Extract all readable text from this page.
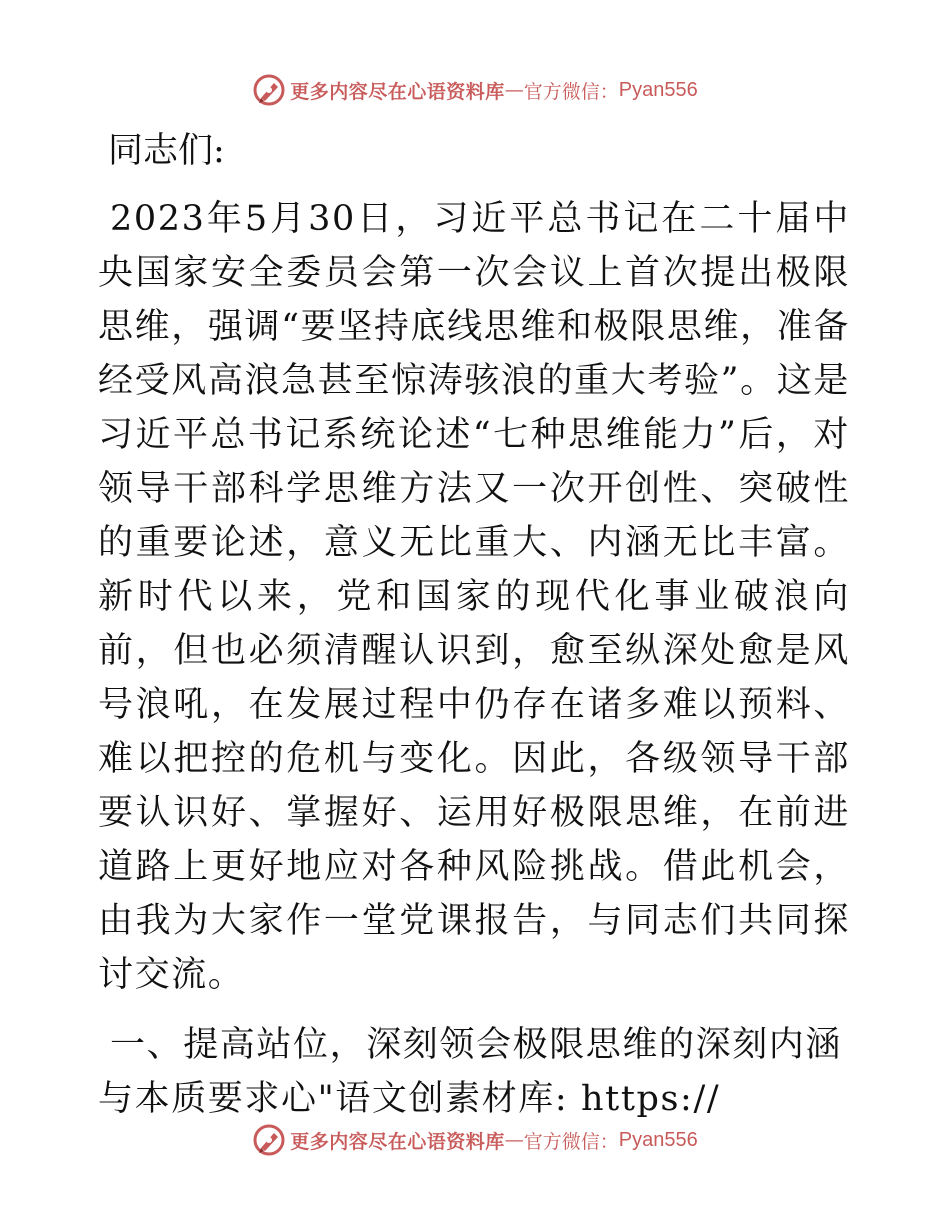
更多内容尽在心语资料库 — 官方微信 ： Pyan556

同志们:

2023年5月30日，习近平总书记在二十届中央国家安全委员会第一次会议上首次提出极限思维，强调“要坚持底线思维和极限思维，准备经受风高浪急甚至惊涛骇浪的重大考验”。这是习近平总书记系统论述“七种思维能力”后，对领导干部科学思维方法又一次开创性、突破性的重要论述，意义无比重大、内涵无比丰富。新时代以来，党和国家的现代化事业破浪向前，但也必须清醒认识到，愈至纵深处愈是风号浪吼，在发展过程中仍存在诸多难以预料、难以把控的危机与变化。因此，各级领导干部要认识好、掌握好、运用好极限思维，在前进道路上更好地应对各种风险挑战。借此机会，由我为大家作一堂党课报告，与同志们共同探讨交流。

一、提高站位，深刻领会极限思维的深刻内涵与本质要求心"语文创素材库: https://

更多内容尽在心语资料库 — 官方微信 ： Pyan556
